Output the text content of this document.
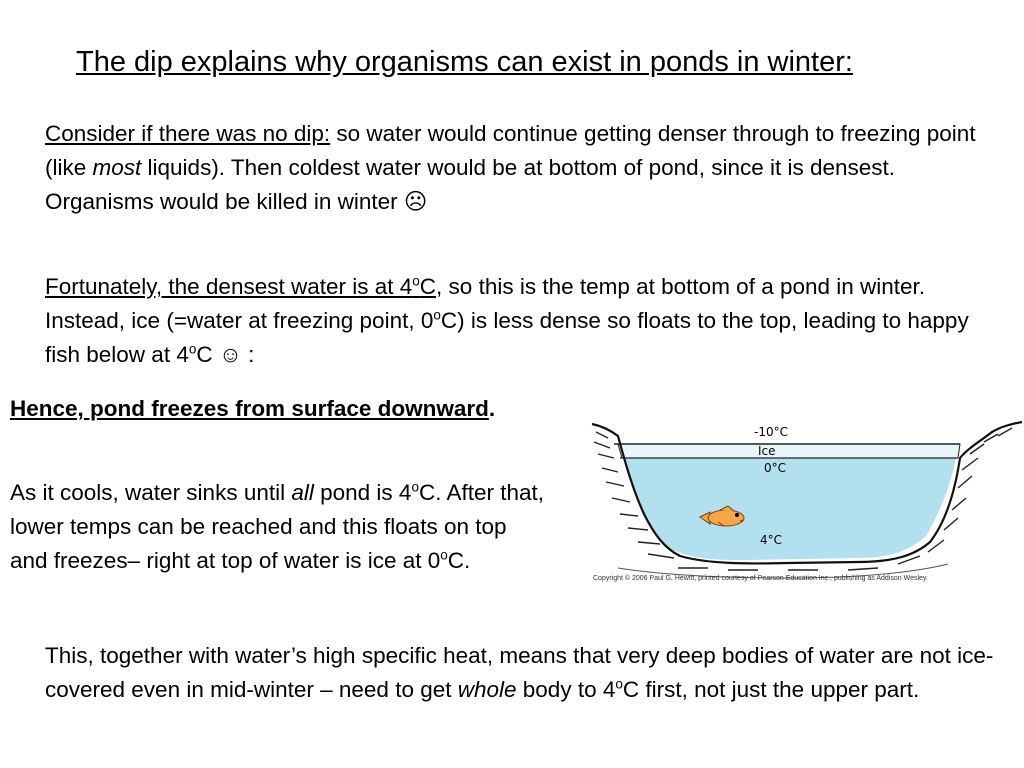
The dip explains why organisms can exist in ponds in winter:
Consider if there was no dip: so water would continue getting denser through to freezing point (like most liquids). Then coldest water would be at bottom of pond, since it is densest. Organisms would be killed in winter ☹
Fortunately, the densest water is at 4$^o$C, so this is the temp at bottom of a pond in winter. Instead, ice (=water at freezing point, 0$^o$C) is less dense so floats to the top, leading to happy fish below at 4$^o$C ☺ :
Hence, pond freezes from surface downward.
As it cools, water sinks until all pond is 4$^o$C. After that, lower temps can be reached and this floats on top and freezes– right at top of water is ice at 0$^o$C.
-10°C
Ice
0°C
4°C
Copyright © 2006 Paul G. Hewitt, printed courtesy of Pearson Education Inc., publishing as Addison Wesley.
This, together with water’s high specific heat, means that very deep bodies of water are not ice-covered even in mid-winter – need to get whole body to 4$^o$C first, not just the upper part.
